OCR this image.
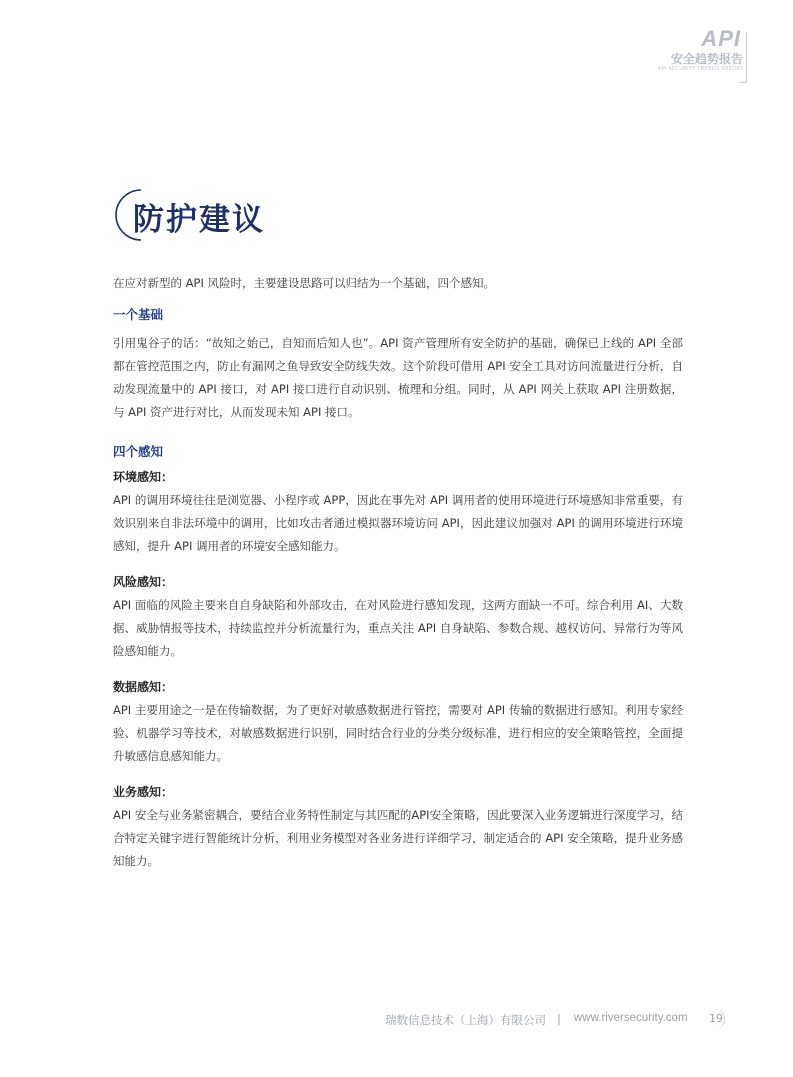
API
安全趋势报告
API SECURITY TRENDS REPORT
防护建议

在应对新型的 API 风险时，主要建设思路可以归结为一个基础，四个感知。

一个基础

引用鬼谷子的话：“故知之始己，自知而后知人也”。API 资产管理所有安全防护的基础，确保已上线的 API 全部都在管控范围之内，防止有漏网之鱼导致安全防线失效。这个阶段可借用 API 安全工具对访问流量进行分析，自动发现流量中的 API 接口，对 API 接口进行自动识别、梳理和分组。同时，从 API 网关上获取 API 注册数据，与 API 资产进行对比，从而发现未知 API 接口。

四个感知
环境感知：

API 的调用环境往往是浏览器、小程序或 APP，因此在事先对 API 调用者的使用环境进行环境感知非常重要，有效识别来自非法环境中的调用，比如攻击者通过模拟器环境访问 API，因此建议加强对 API 的调用环境进行环境感知，提升 API 调用者的环境安全感知能力。

风险感知：

API 面临的风险主要来自自身缺陷和外部攻击，在对风险进行感知发现，这两方面缺一不可。综合利用 AI、大数据、威胁情报等技术，持续监控并分析流量行为，重点关注 API 自身缺陷、参数合规、越权访问、异常行为等风险感知能力。

数据感知：

API 主要用途之一是在传输数据，为了更好对敏感数据进行管控，需要对 API 传输的数据进行感知。利用专家经验、机器学习等技术，对敏感数据进行识别，同时结合行业的分类分级标准，进行相应的安全策略管控，全面提升敏感信息感知能力。

业务感知：

API 安全与业务紧密耦合，要结合业务特性制定与其匹配的API安全策略，因此要深入业务逻辑进行深度学习，结合特定关键字进行智能统计分析，利用业务模型对各业务进行详细学习，制定适合的 API 安全策略，提升业务感知能力。

瑞数信息技术（上海）有限公司 | www.riversecurity.com 19
